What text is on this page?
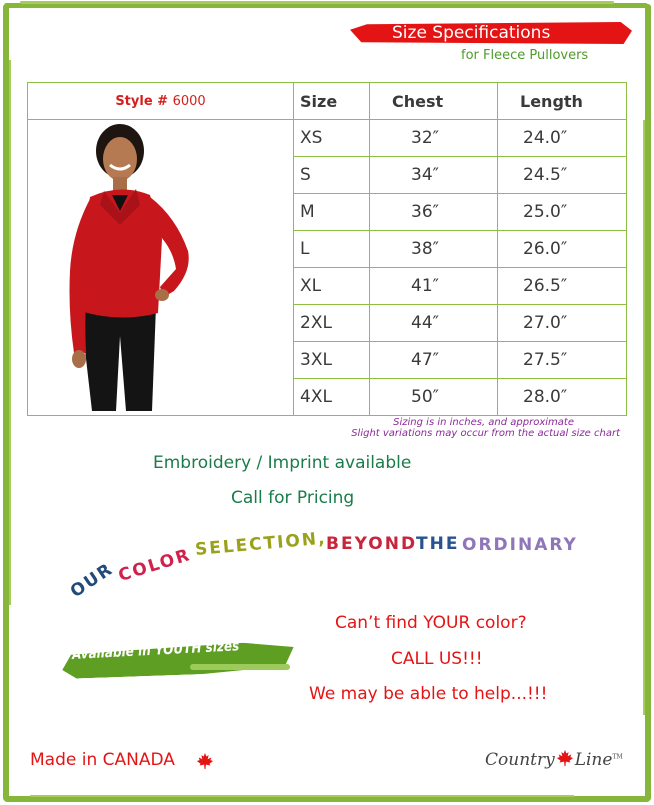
Size Specifications
for Fleece Pullovers
Style # 6000	Size	Chest	Length
	XS	32″	24.0″
	S	34″	24.5″
	M	36″	25.0″
	L	38″	26.0″
	XL	41″	26.5″
	2XL	44″	27.0″
	3XL	47″	27.5″
	4XL	50″	28.0″
Sizing is in inches, and approximate
Slight variations may occur from the actual size chart
Embroidery / Imprint available
Call for Pricing
OUR
COLOR
SELECTION,
BEYOND
THE ORDINARY
Available in YOUTH sizes
Can’t find YOUR color?
CALL US!!!
We may be able to help...!!!
Made in CANADA	Country Line™
